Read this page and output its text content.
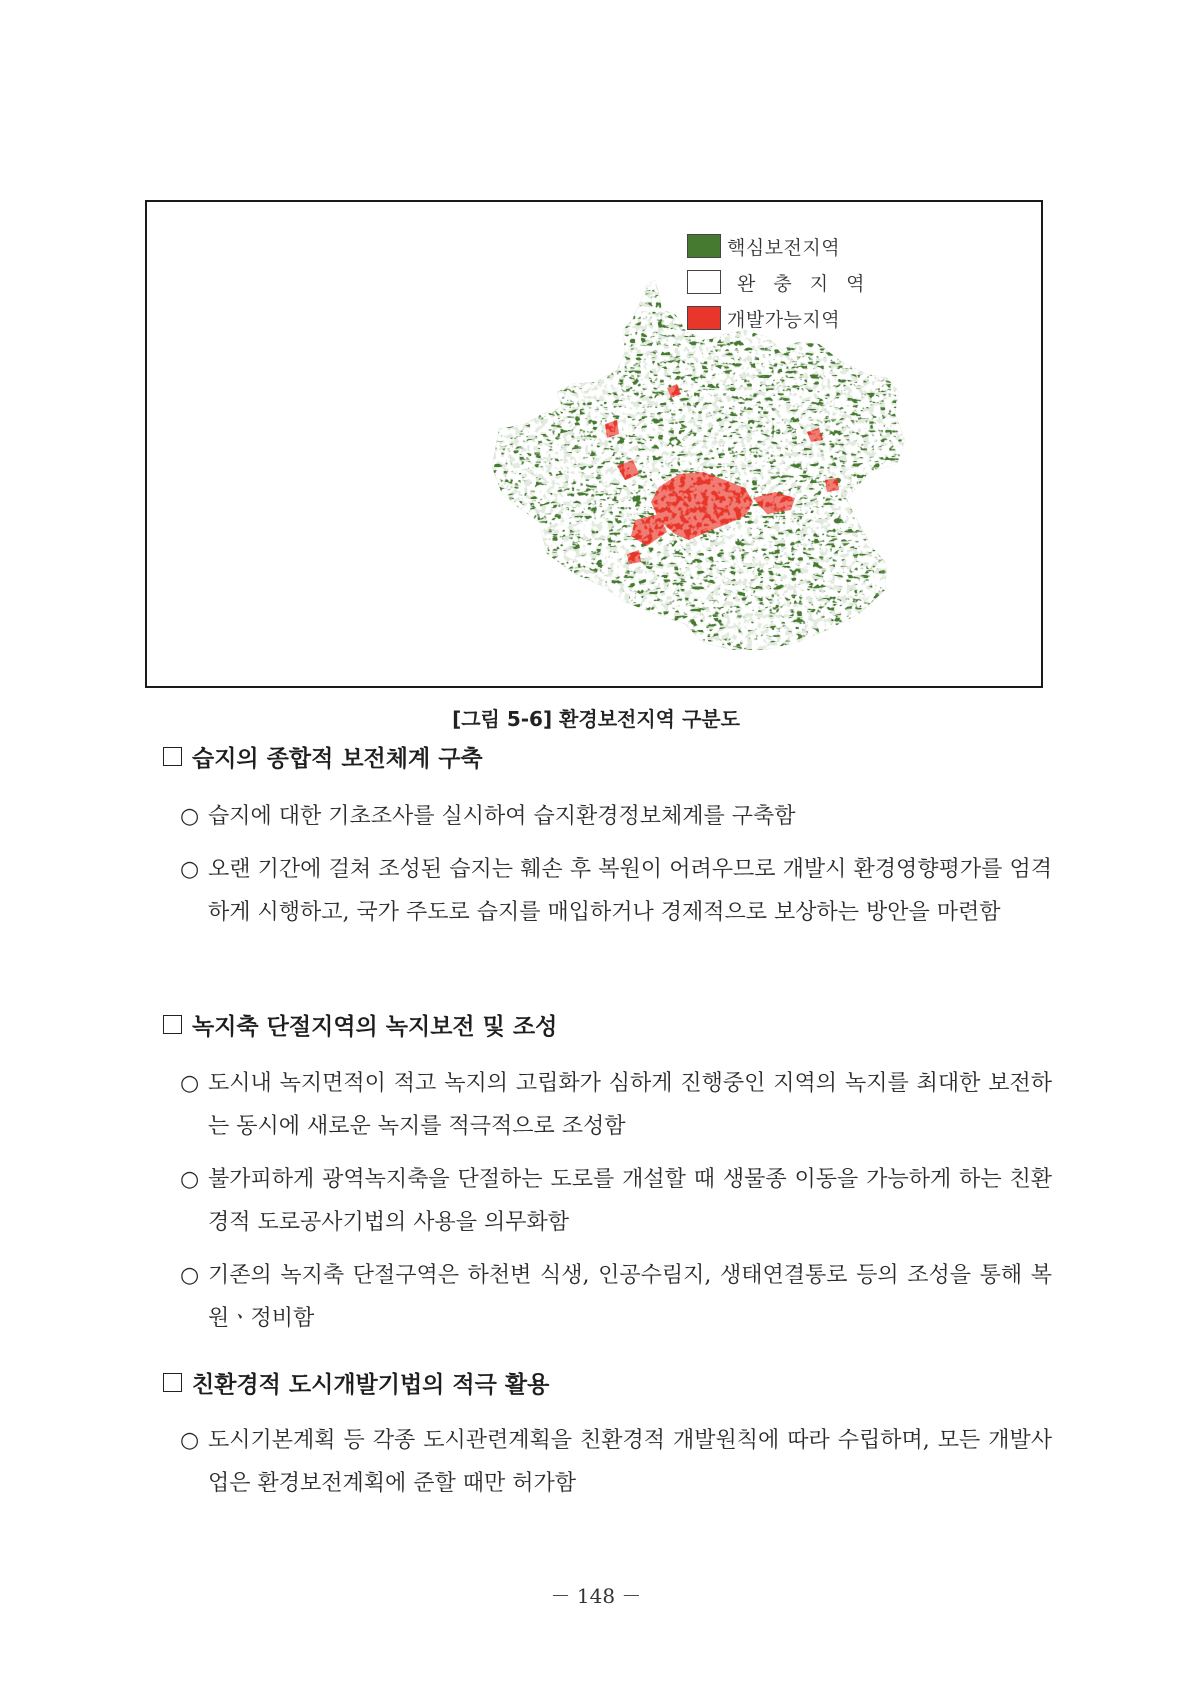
핵심보전지역
완 충 지 역
개발가능지역
[그림 5-6] 환경보전지역 구분도
습지의 종합적 보전체계 구축
○ 습지에 대한 기초조사를 실시하여 습지환경정보체계를 구축함
○ 오랜 기간에 걸쳐 조성된 습지는 훼손 후 복원이 어려우므로 개발시 환경영향평가를 엄격하게 시행하고, 국가 주도로 습지를 매입하거나 경제적으로 보상하는 방안을 마련함
녹지축 단절지역의 녹지보전 및 조성
○ 도시내 녹지면적이 적고 녹지의 고립화가 심하게 진행중인 지역의 녹지를 최대한 보전하는 동시에 새로운 녹지를 적극적으로 조성함
○ 불가피하게 광역녹지축을 단절하는 도로를 개설할 때 생물종 이동을 가능하게 하는 친환경적 도로공사기법의 사용을 의무화함
○ 기존의 녹지축 단절구역은 하천변 식생, 인공수림지, 생태연결통로 등의 조성을 통해 복원ㆍ정비함
친환경적 도시개발기법의 적극 활용
○ 도시기본계획 등 각종 도시관련계획을 친환경적 개발원칙에 따라 수립하며, 모든 개발사업은 환경보전계획에 준할 때만 허가함
－ 148 －
